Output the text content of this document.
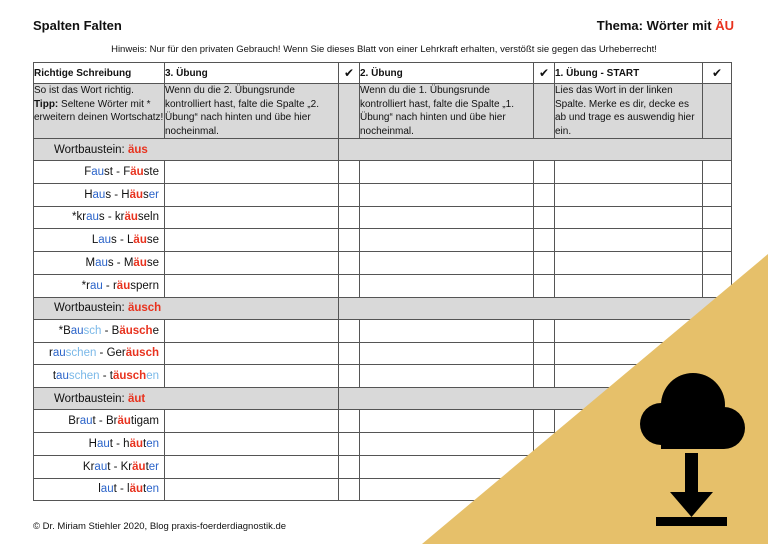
Spalten Falten	Thema: Wörter mit ÄU
Hinweis: Nur für den privaten Gebrauch! Wenn Sie dieses Blatt von einer Lehrkraft erhalten, verstößt sie gegen das Urheberrecht!
Richtige Schreibung	3. Übung	✔	2. Übung	✔	1. Übung - START	✔
So ist das Wort richtig.
Tipp: Seltene Wörter mit * erweitern deinen Wortschatz!	Wenn du die 2. Übungsrunde kontrolliert hast, falte die Spalte „2. Übung“ nach hinten und übe hier nocheinmal.		Wenn du die 1. Übungsrunde kontrolliert hast, falte die Spalte „1. Übung“ nach hinten und übe hier nocheinmal.		Lies das Wort in der linken Spalte. Merke es dir, decke es ab und trage es auswendig hier ein.	
Wortbaustein: äus						
Faust - Fäuste						
Haus - Häuser						
*kraus - kräuseln						
Laus - Läuse						
Maus - Mäuse						
*rau - räuspern						
Wortbaustein: äusch						
*Bausch - Bäusche						
rauschen - Geräusch						
tauschen - täuschen						
Wortbaustein: äut						
Braut - Bräutigam						
Haut - häuten						
Kraut - Kräuter						
laut - läuten						
© Dr. Miriam Stiehler 2020, Blog praxis-foerderdiagnostik.de
